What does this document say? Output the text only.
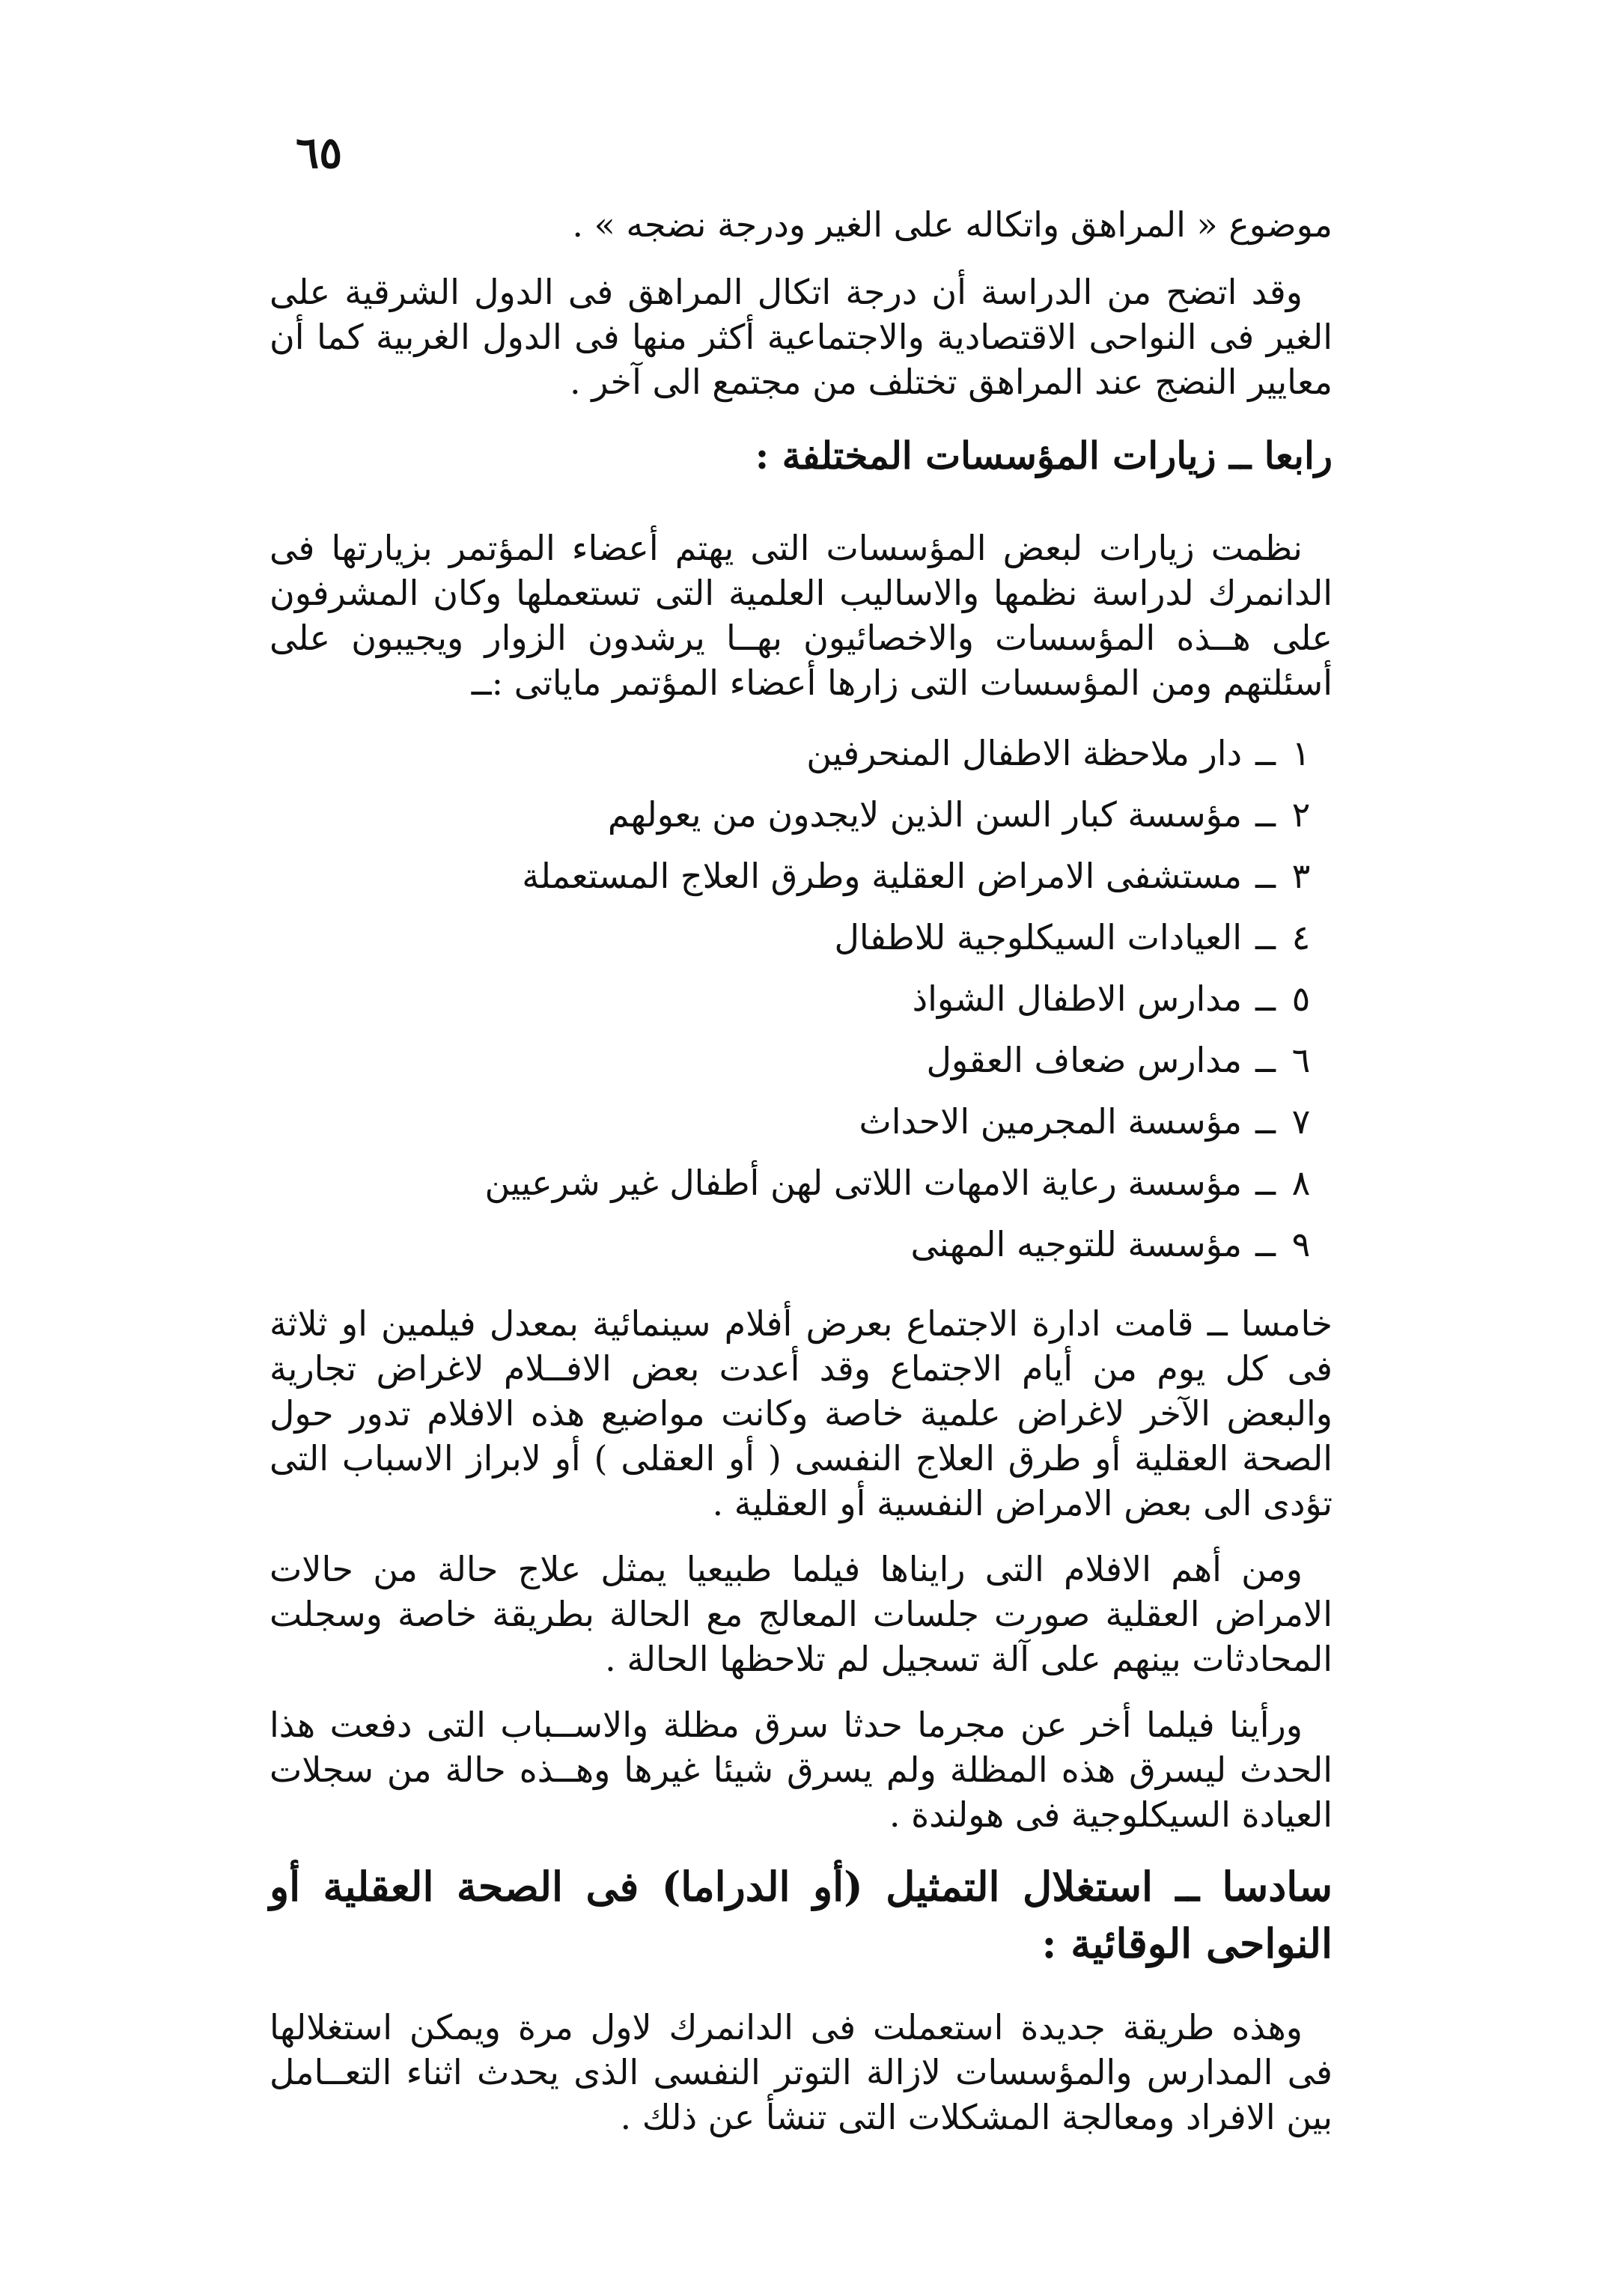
٦٥

موضوع « المراهق واتكاله على الغير ودرجة نضجه » .

وقد اتضح من الدراسة أن درجة اتكال المراهق فى الدول الشرقية على الغير فى النواحى الاقتصادية والاجتماعية أكثر منها فى الدول الغربية كما أن معايير النضج عند المراهق تختلف من مجتمع الى آخر .

رابعا ــ زيارات المؤسسات المختلفة :

نظمت زيارات لبعض المؤسسات التى يهتم أعضاء المؤتمر بزيارتها فى الدانمرك لدراسة نظمها والاساليب العلمية التى تستعملها وكان المشرفون على هــذه المؤسسات والاخصائيون بهــا يرشدون الزوار ويجيبون على أسئلتهم ومن المؤسسات التى زارها أعضاء المؤتمر ماياتى :ــ

١ــدار ملاحظة الاطفال المنحرفين
٢ــمؤسسة كبار السن الذين لايجدون من يعولهم
٣ــمستشفى الامراض العقلية وطرق العلاج المستعملة
٤ــالعيادات السيكلوجية للاطفال
٥ــمدارس الاطفال الشواذ
٦ــمدارس ضعاف العقول
٧ــمؤسسة المجرمين الاحداث
٨ــمؤسسة رعاية الامهات اللاتى لهن أطفال غير شرعيين
٩ــمؤسسة للتوجيه المهنى

خامسا ــ قامت ادارة الاجتماع بعرض أفلام سينمائية بمعدل فيلمين او ثلاثة فى كل يوم من أيام الاجتماع وقد أعدت بعض الافــلام لاغراض تجارية والبعض الآخر لاغراض علمية خاصة وكانت مواضيع هذه الافلام تدور حول الصحة العقلية أو طرق العلاج النفسى ( أو العقلى ) أو لابراز الاسباب التى تؤدى الى بعض الامراض النفسية أو العقلية .

ومن أهم الافلام التى رايناها فيلما طبيعيا يمثل علاج حالة من حالات الامراض العقلية صورت جلسات المعالج مع الحالة بطريقة خاصة وسجلت المحادثات بينهم على آلة تسجيل لم تلاحظها الحالة .

ورأينا فيلما أخر عن مجرما حدثا سرق مظلة والاســباب التى دفعت هذا الحدث ليسرق هذه المظلة ولم يسرق شيئا غيرها وهــذه حالة من سجلات العيادة السيكلوجية فى هولندة .

سادسا ــ استغلال التمثيل (أو الدراما) فى الصحة العقلية أو النواحى الوقائية :

وهذه طريقة جديدة استعملت فى الدانمرك لاول مرة ويمكن استغلالها فى المدارس والمؤسسات لازالة التوتر النفسى الذى يحدث اثناء التعــامل بين الافراد ومعالجة المشكلات التى تنشأ عن ذلك .
